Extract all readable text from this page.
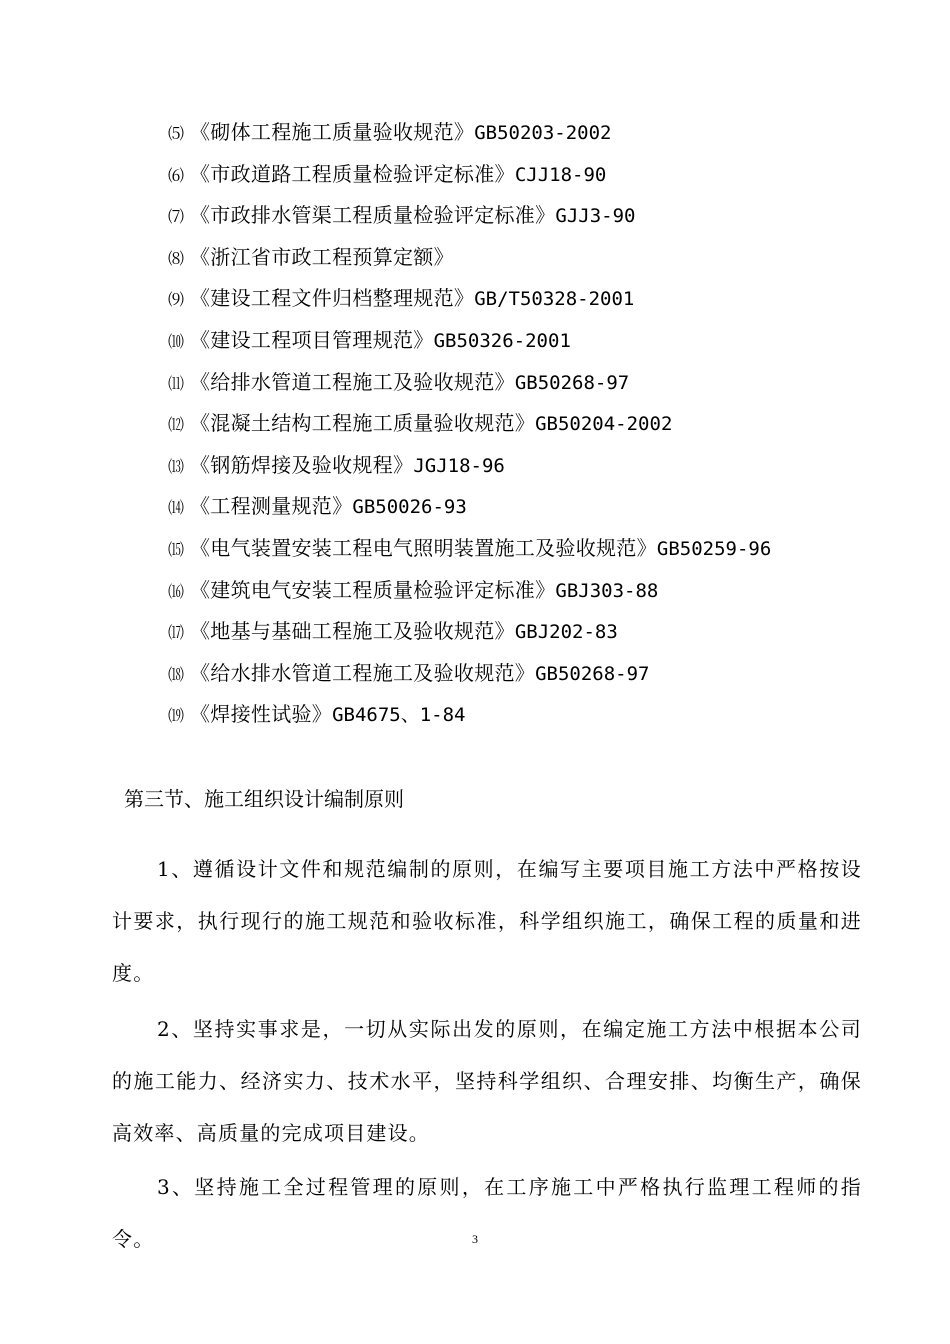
⑸ 《砌体工程施工质量验收规范》GB50203-2002
⑹ 《市政道路工程质量检验评定标准》CJJ18-90
⑺ 《市政排水管渠工程质量检验评定标准》GJJ3-90
⑻ 《浙江省市政工程预算定额》
⑼ 《建设工程文件归档整理规范》GB/T50328-2001
⑽ 《建设工程项目管理规范》GB50326-2001
⑾ 《给排水管道工程施工及验收规范》GB50268-97
⑿ 《混凝土结构工程施工质量验收规范》GB50204-2002
⒀ 《钢筋焊接及验收规程》JGJ18-96
⒁ 《工程测量规范》GB50026-93
⒂ 《电气装置安装工程电气照明装置施工及验收规范》GB50259-96
⒃ 《建筑电气安装工程质量检验评定标准》GBJ303-88
⒄ 《地基与基础工程施工及验收规范》GBJ202-83
⒅ 《给水排水管道工程施工及验收规范》GB50268-97
⒆ 《焊接性试验》GB4675、1-84
第三节、施工组织设计编制原则

1、遵循设计文件和规范编制的原则，在编写主要项目施工方法中严格按设计要求，执行现行的施工规范和验收标准，科学组织施工，确保工程的质量和进度。

2、坚持实事求是，一切从实际出发的原则，在编定施工方法中根据本公司的施工能力、经济实力、技术水平，坚持科学组织、合理安排、均衡生产，确保高效率、高质量的完成项目建设。

3、坚持施工全过程管理的原则，在工序施工中严格执行监理工程师的指令。	3
